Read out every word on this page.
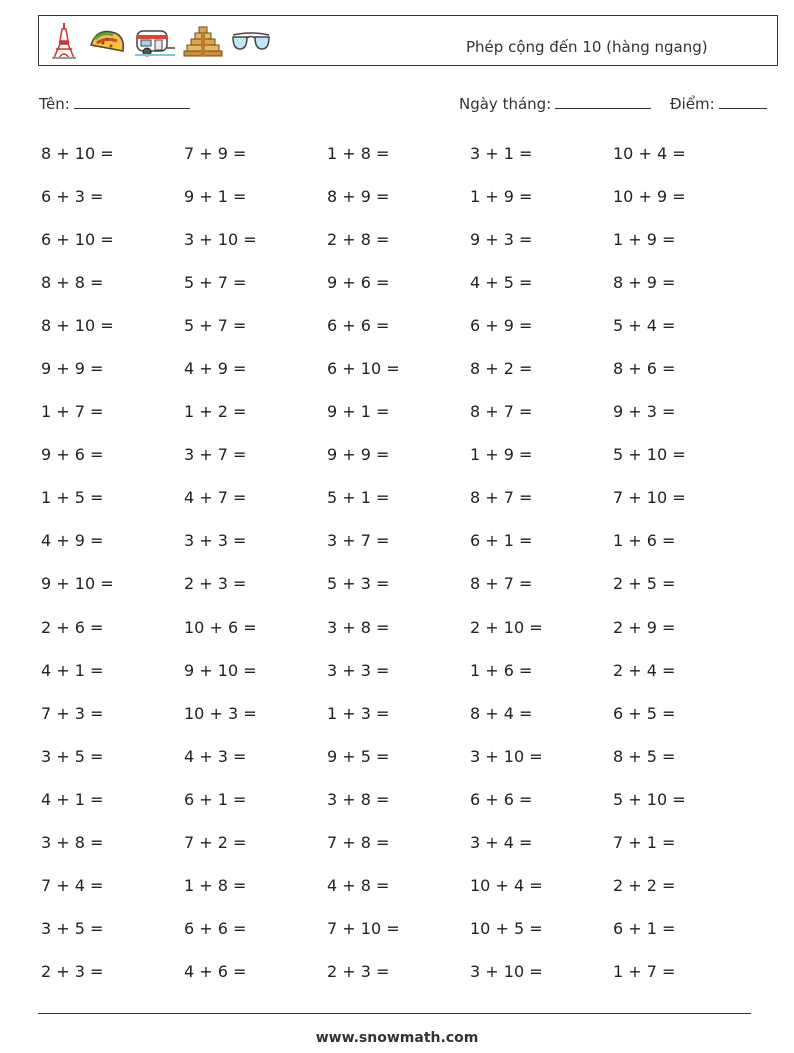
Phép cộng đến 10 (hàng ngang)
Tên:	Ngày tháng:	Điểm:
8 + 10 =	7 + 9 =	1 + 8 =	3 + 1 =	10 + 4 =
6 + 3 =	9 + 1 =	8 + 9 =	1 + 9 =	10 + 9 =
6 + 10 =	3 + 10 =	2 + 8 =	9 + 3 =	1 + 9 =
8 + 8 =	5 + 7 =	9 + 6 =	4 + 5 =	8 + 9 =
8 + 10 =	5 + 7 =	6 + 6 =	6 + 9 =	5 + 4 =
9 + 9 =	4 + 9 =	6 + 10 =	8 + 2 =	8 + 6 =
1 + 7 =	1 + 2 =	9 + 1 =	8 + 7 =	9 + 3 =
9 + 6 =	3 + 7 =	9 + 9 =	1 + 9 =	5 + 10 =
1 + 5 =	4 + 7 =	5 + 1 =	8 + 7 =	7 + 10 =
4 + 9 =	3 + 3 =	3 + 7 =	6 + 1 =	1 + 6 =
9 + 10 =	2 + 3 =	5 + 3 =	8 + 7 =	2 + 5 =
2 + 6 =	10 + 6 =	3 + 8 =	2 + 10 =	2 + 9 =
4 + 1 =	9 + 10 =	3 + 3 =	1 + 6 =	2 + 4 =
7 + 3 =	10 + 3 =	1 + 3 =	8 + 4 =	6 + 5 =
3 + 5 =	4 + 3 =	9 + 5 =	3 + 10 =	8 + 5 =
4 + 1 =	6 + 1 =	3 + 8 =	6 + 6 =	5 + 10 =
3 + 8 =	7 + 2 =	7 + 8 =	3 + 4 =	7 + 1 =
7 + 4 =	1 + 8 =	4 + 8 =	10 + 4 =	2 + 2 =
3 + 5 =	6 + 6 =	7 + 10 =	10 + 5 =	6 + 1 =
2 + 3 =	4 + 6 =	2 + 3 =	3 + 10 =	1 + 7 =
www.snowmath.com
